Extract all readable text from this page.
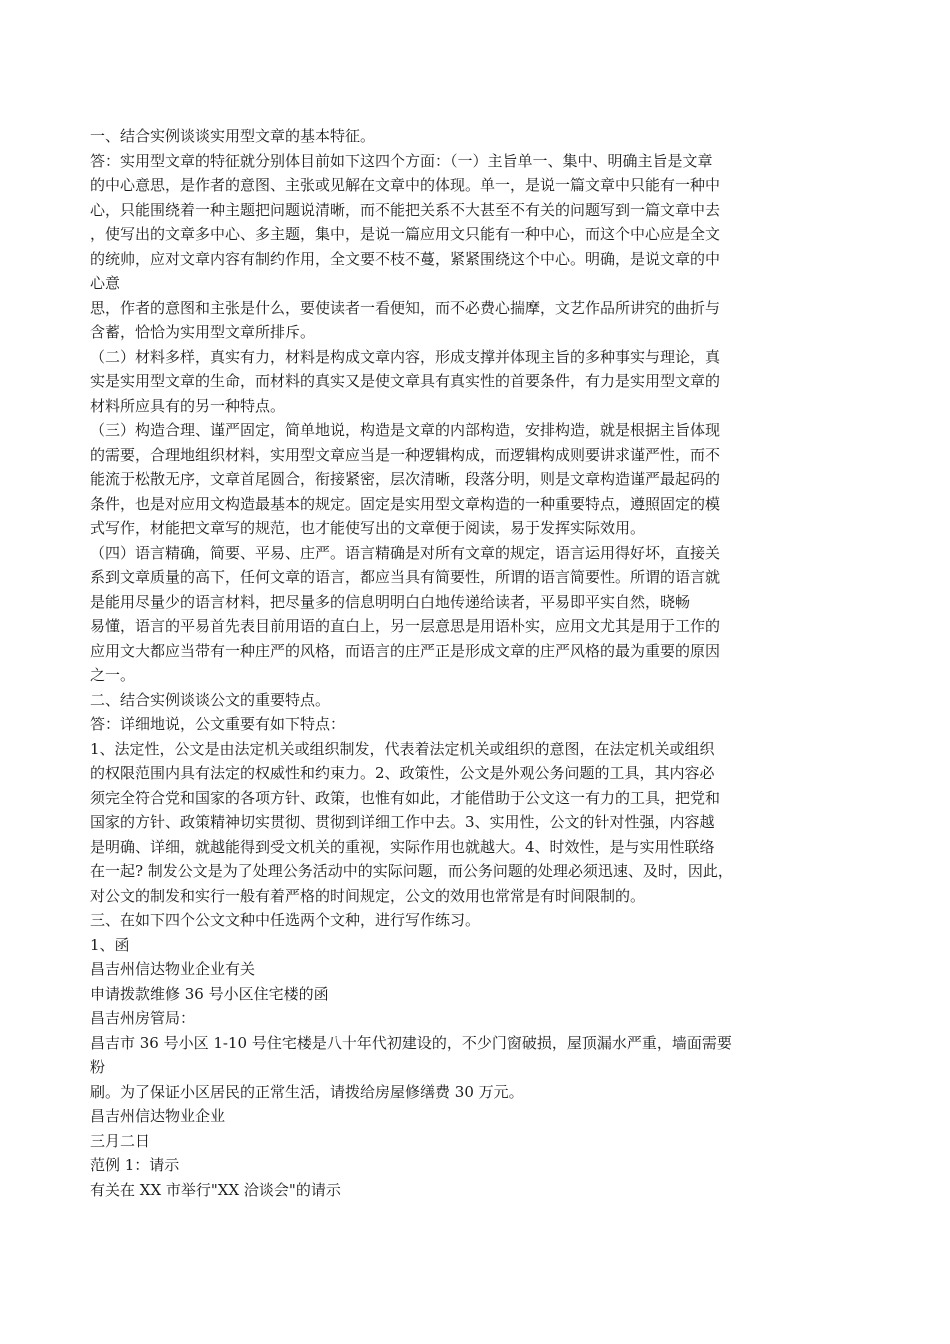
一、结合实例谈谈实用型文章的基本特征。
答：实用型文章的特征就分别体目前如下这四个方面：（一）主旨单一、集中、明确主旨是文章
的中心意思，是作者的意图、主张或见解在文章中的体现。单一，是说一篇文章中只能有一种中
心，只能围绕着一种主题把问题说清晰，而不能把关系不大甚至不有关的问题写到一篇文章中去
，使写出的文章多中心、多主题，集中，是说一篇应用文只能有一种中心，而这个中心应是全文
的统帅，应对文章内容有制约作用，全文要不枝不蔓，紧紧围绕这个中心。明确，是说文章的中
心意
思，作者的意图和主张是什么，要使读者一看便知，而不必费心揣摩，文艺作品所讲究的曲折与
含蓄，恰恰为实用型文章所排斥。
（二）材料多样，真实有力，材料是构成文章内容，形成支撑并体现主旨的多种事实与理论，真
实是实用型文章的生命，而材料的真实又是使文章具有真实性的首要条件，有力是实用型文章的
材料所应具有的另一种特点。
（三）构造合理、谨严固定，简单地说，构造是文章的内部构造，安排构造，就是根据主旨体现
的需要，合理地组织材料，实用型文章应当是一种逻辑构成，而逻辑构成则要讲求谨严性，而不
能流于松散无序，文章首尾圆合，衔接紧密，层次清晰，段落分明，则是文章构造谨严最起码的
条件，也是对应用文构造最基本的规定。固定是实用型文章构造的一种重要特点，遵照固定的模
式写作，材能把文章写的规范，也才能使写出的文章便于阅读，易于发挥实际效用。
（四）语言精确，简要、平易、庄严。语言精确是对所有文章的规定，语言运用得好坏，直接关
系到文章质量的高下，任何文章的语言，都应当具有简要性，所谓的语言简要性。所谓的语言就
是能用尽量少的语言材料，把尽量多的信息明明白白地传递给读者，平易即平实自然，晓畅
易懂，语言的平易首先表目前用语的直白上，另一层意思是用语朴实，应用文尤其是用于工作的
应用文大都应当带有一种庄严的风格，而语言的庄严正是形成文章的庄严风格的最为重要的原因
之一。
二、结合实例谈谈公文的重要特点。
答：详细地说，公文重要有如下特点：
1、法定性，公文是由法定机关或组织制发，代表着法定机关或组织的意图，在法定机关或组织
的权限范围内具有法定的权威性和约束力。2、政策性，公文是外观公务问题的工具，其内容必
须完全符合党和国家的各项方针、政策，也惟有如此，才能借助于公文这一有力的工具，把党和
国家的方针、政策精神切实贯彻、贯彻到详细工作中去。3、实用性，公文的针对性强，内容越
是明确、详细，就越能得到受文机关的重视，实际作用也就越大。4、时效性，是与实用性联络
在一起? 制发公文是为了处理公务活动中的实际问题，而公务问题的处理必须迅速、及时，因此，
对公文的制发和实行一般有着严格的时间规定，公文的效用也常常是有时间限制的。
三、在如下四个公文文种中任选两个文种，进行写作练习。
1、函
昌吉州信达物业企业有关
申请拨款维修 36 号小区住宅楼的函
昌吉州房管局：
昌吉市 36 号小区 1-10 号住宅楼是八十年代初建设的，不少门窗破损，屋顶漏水严重，墙面需要
粉
刷。为了保证小区居民的正常生活，请拨给房屋修缮费 30 万元。
昌吉州信达物业企业
三月二日
范例 1：请示
有关在 XX 市举行"XX 洽谈会"的请示
